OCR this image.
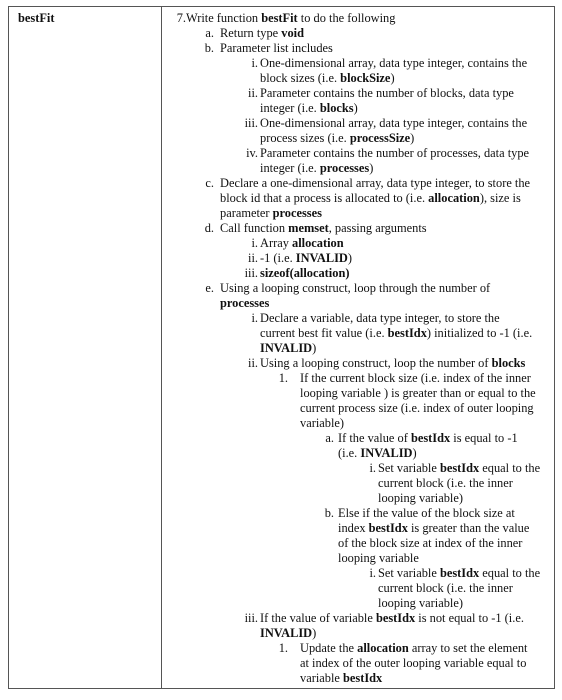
bestFit	7. Write function bestFit to do the following
a. Return type void
b. Parameter list includes
i. One-dimensional array, data type integer, contains the
block sizes (i.e. blockSize)
ii. Parameter contains the number of blocks, data type
integer (i.e. blocks)
iii. One-dimensional array, data type integer, contains the
process sizes (i.e. processSize)
iv. Parameter contains the number of processes, data type
integer (i.e. processes)
c. Declare a one-dimensional array, data type integer, to store the
block id that a process is allocated to (i.e. allocation), size is
parameter processes
d. Call function memset, passing arguments
i. Array allocation
ii. -1 (i.e. INVALID)
iii. sizeof(allocation)
e. Using a looping construct, loop through the number of
processes
i. Declare a variable, data type integer, to store the
current best fit value (i.e. bestIdx) initialized to -1 (i.e.
INVALID)
ii. Using a looping construct, loop the number of blocks
1. If the current block size (i.e. index of the inner
looping variable ) is greater than or equal to the
current process size (i.e. index of outer looping
variable)
a. If the value of bestIdx is equal to -1
(i.e. INVALID)
i. Set variable bestIdx equal to the
current block (i.e. the inner
looping variable)
b. Else if the value of the block size at
index bestIdx is greater than the value
of the block size at index of the inner
looping variable
i. Set variable bestIdx equal to the
current block (i.e. the inner
looping variable)
iii. If the value of variable bestIdx is not equal to -1 (i.e.
INVALID)
1. Update the allocation array to set the element
at index of the outer looping variable equal to
variable bestIdx
